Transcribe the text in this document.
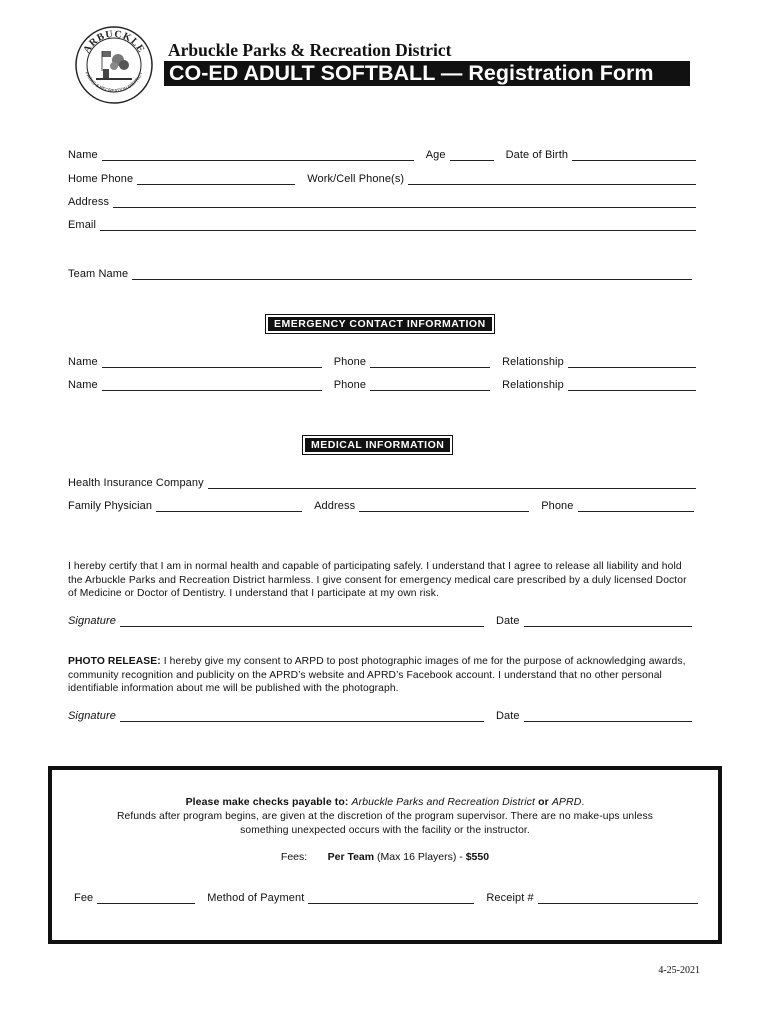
ARBUCKLE
PARKS & RECREATION DISTRICT
Arbuckle Parks & Recreation District
CO-ED ADULT SOFTBALL — Registration Form
Name	Age	Date of Birth
Home Phone	Work/Cell Phone(s)
Address
Email
Team Name
EMERGENCY CONTACT INFORMATION
Name	Phone	Relationship
Name	Phone	Relationship
MEDICAL INFORMATION
Health Insurance Company
Family Physician	Address	Phone
I hereby certify that I am in normal health and capable of participating safely. I understand that I agree to release all liability and hold the Arbuckle Parks and Recreation District harmless. I give consent for emergency medical care prescribed by a duly licensed Doctor of Medicine or Doctor of Dentistry. I understand that I participate at my own risk.
Signature	Date
PHOTO RELEASE: I hereby give my consent to ARPD to post photographic images of me for the purpose of acknowledging awards, community recognition and publicity on the APRD’s website and APRD’s Facebook account. I understand that no other personal identifiable information about me will be published with the photograph.
Signature	Date
Please make checks payable to: Arbuckle Parks and Recreation District or APRD.
Refunds after program begins, are given at the discretion of the program supervisor. There are no make-ups unless something unexpected occurs with the facility or the instructor.
Fees: Per Team (Max 16 Players) - $550
Fee	Method of Payment	Receipt #
4-25-2021
